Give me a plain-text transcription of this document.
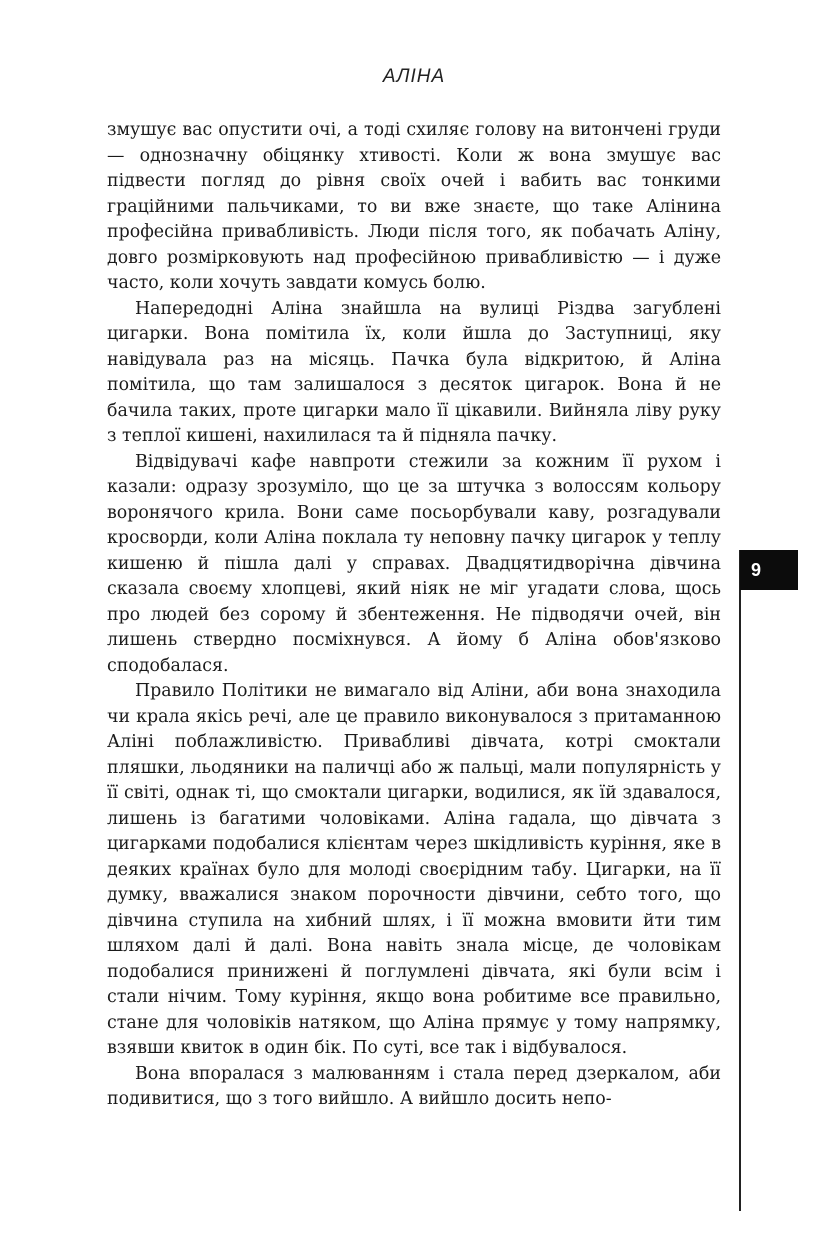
АЛІНА

змушує вас опустити очі, а тоді схиляє голову на витончені груди — однозначну обіцянку хтивості. Коли ж вона змушує вас підвести погляд до рівня своїх очей і вабить вас тонкими граційними пальчиками, то ви вже знаєте, що таке Алінина професійна привабливість. Люди після того, як побачать Аліну, довго розмірковують над професійною привабливістю — і дуже часто, коли хочуть завдати комусь болю.

Напередодні Аліна знайшла на вулиці Різдва загублені цигарки. Вона помітила їх, коли йшла до Заступниці, яку навідувала раз на місяць. Пачка була відкритою, й Аліна помітила, що там залишалося з десяток цигарок. Вона й не бачила таких, проте цигарки мало її цікавили. Вийняла ліву руку з теплої кишені, нахилилася та й підняла пачку.

Відвідувачі кафе навпроти стежили за кожним її рухом і казали: одразу зрозуміло, що це за штучка з волоссям кольору воронячого крила. Вони саме посьорбували каву, розгадували кросворди, коли Аліна поклала ту неповну пачку цигарок у теплу кишеню й пішла далі у справах. Двадцятидворічна дівчина сказала своєму хлопцеві, який ніяк не міг угадати слова, щось про людей без сорому й збентеження. Не підводячи очей, він лишень ствердно посміхнувся. А йому б Аліна обов'язково сподобалася.

Правило Політики не вимагало від Аліни, аби вона знаходила чи крала якісь речі, але це правило виконувалося з притаманною Аліні поблажливістю. Привабливі дівчата, котрі смоктали пляшки, льодяники на паличці або ж пальці, мали популярність у її світі, однак ті, що смоктали цигарки, водилися, як їй здавалося, лишень із багатими чоловіками. Аліна гадала, що дівчата з цигарками подобалися клієнтам через шкідливість куріння, яке в деяких країнах було для молоді своєрідним табу. Цигарки, на її думку, вважалися знаком порочности дівчини, себто того, що дівчина ступила на хибний шлях, і її можна вмовити йти тим шляхом далі й далі. Вона навіть знала місце, де чоловікам подобалися принижені й поглумлені дівчата, які були всім і стали нічим. Тому куріння, якщо вона робитиме все правильно, стане для чоловіків натяком, що Аліна прямує у тому напрямку, взявши квиток в один бік. По суті, все так і відбувалося.

Вона впоралася з малюванням і стала перед дзеркалом, аби подивитися, що з того вийшло. А вийшло досить непо-

9
